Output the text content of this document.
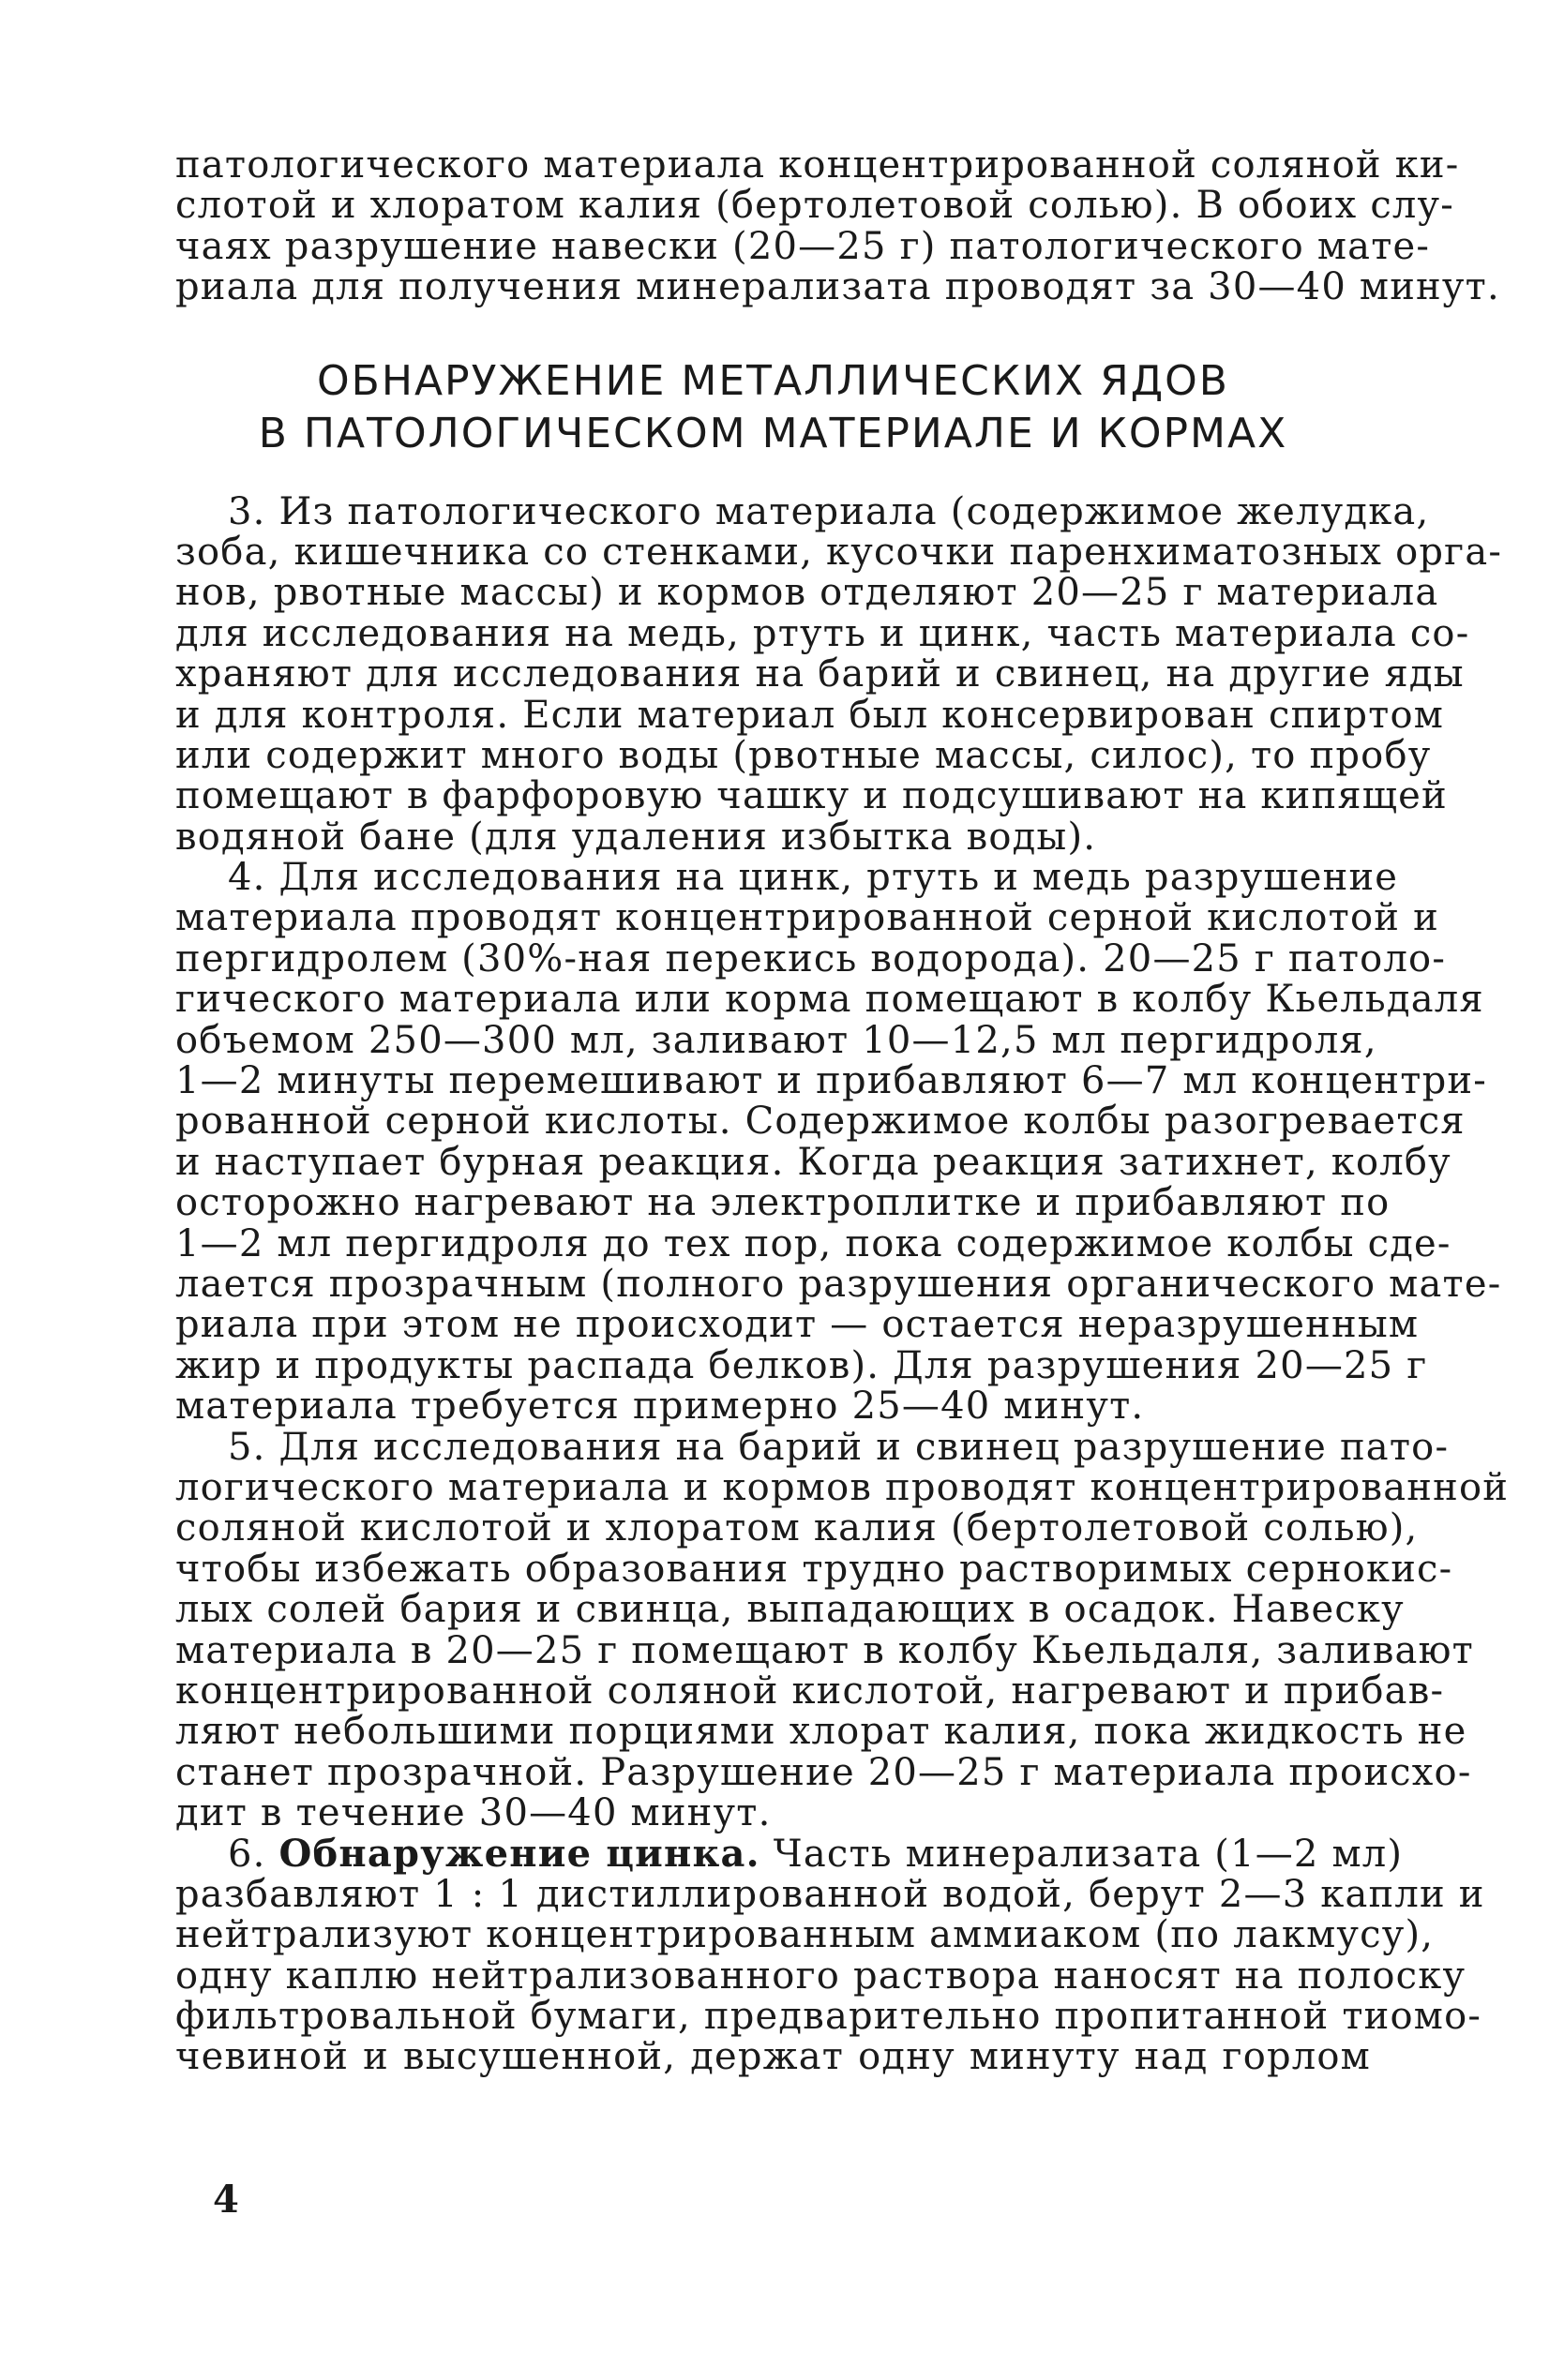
патологического материала концентрированной соляной ки-
слотой и хлоратом калия (бертолетовой солью). В обоих слу-
чаях разрушение навески (20—25 г) патологического мате-
риала для получения минерализата проводят за 30—40 минут.
ОБНАРУЖЕНИЕ МЕТАЛЛИЧЕСКИХ ЯДОВ
В ПАТОЛОГИЧЕСКОМ МАТЕРИАЛЕ И КОРМАХ
3. Из патологического материала (содержимое желудка,
зоба, кишечника со стенками, кусочки паренхиматозных орга-
нов, рвотные массы) и кормов отделяют 20—25 г материала
для исследования на медь, ртуть и цинк, часть материала со-
храняют для исследования на барий и свинец, на другие яды
и для контроля. Если материал был консервирован спиртом
или содержит много воды (рвотные массы, силос), то пробу
помещают в фарфоровую чашку и подсушивают на кипящей
водяной бане (для удаления избытка воды).
4. Для исследования на цинк, ртуть и медь разрушение
материала проводят концентрированной серной кислотой и
пергидролем (30%-ная перекись водорода). 20—25 г патоло-
гического материала или корма помещают в колбу Кьельдаля
объемом 250—300 мл, заливают 10—12,5 мл пергидроля,
1—2 минуты перемешивают и прибавляют 6—7 мл концентри-
рованной серной кислоты. Содержимое колбы разогревается
и наступает бурная реакция. Когда реакция затихнет, колбу
осторожно нагревают на электроплитке и прибавляют по
1—2 мл пергидроля до тех пор, пока содержимое колбы сде-
лается прозрачным (полного разрушения органического мате-
риала при этом не происходит — остается неразрушенным
жир и продукты распада белков). Для разрушения 20—25 г
материала требуется примерно 25—40 минут.
5. Для исследования на барий и свинец разрушение пато-
логического материала и кормов проводят концентрированной
соляной кислотой и хлоратом калия (бертолетовой солью),
чтобы избежать образования трудно растворимых сернокис-
лых солей бария и свинца, выпадающих в осадок. Навеску
материала в 20—25 г помещают в колбу Кьельдаля, заливают
концентрированной соляной кислотой, нагревают и прибав-
ляют небольшими порциями хлорат калия, пока жидкость не
станет прозрачной. Разрушение 20—25 г материала происхо-
дит в течение 30—40 минут.
6. Обнаружение цинка. Часть минерализата (1—2 мл)
разбавляют 1 : 1 дистиллированной водой, берут 2—3 капли и
нейтрализуют концентрированным аммиаком (по лакмусу),
одну каплю нейтрализованного раствора наносят на полоску
фильтровальной бумаги, предварительно пропитанной тиомо-
чевиной и высушенной, держат одну минуту над горлом
4
